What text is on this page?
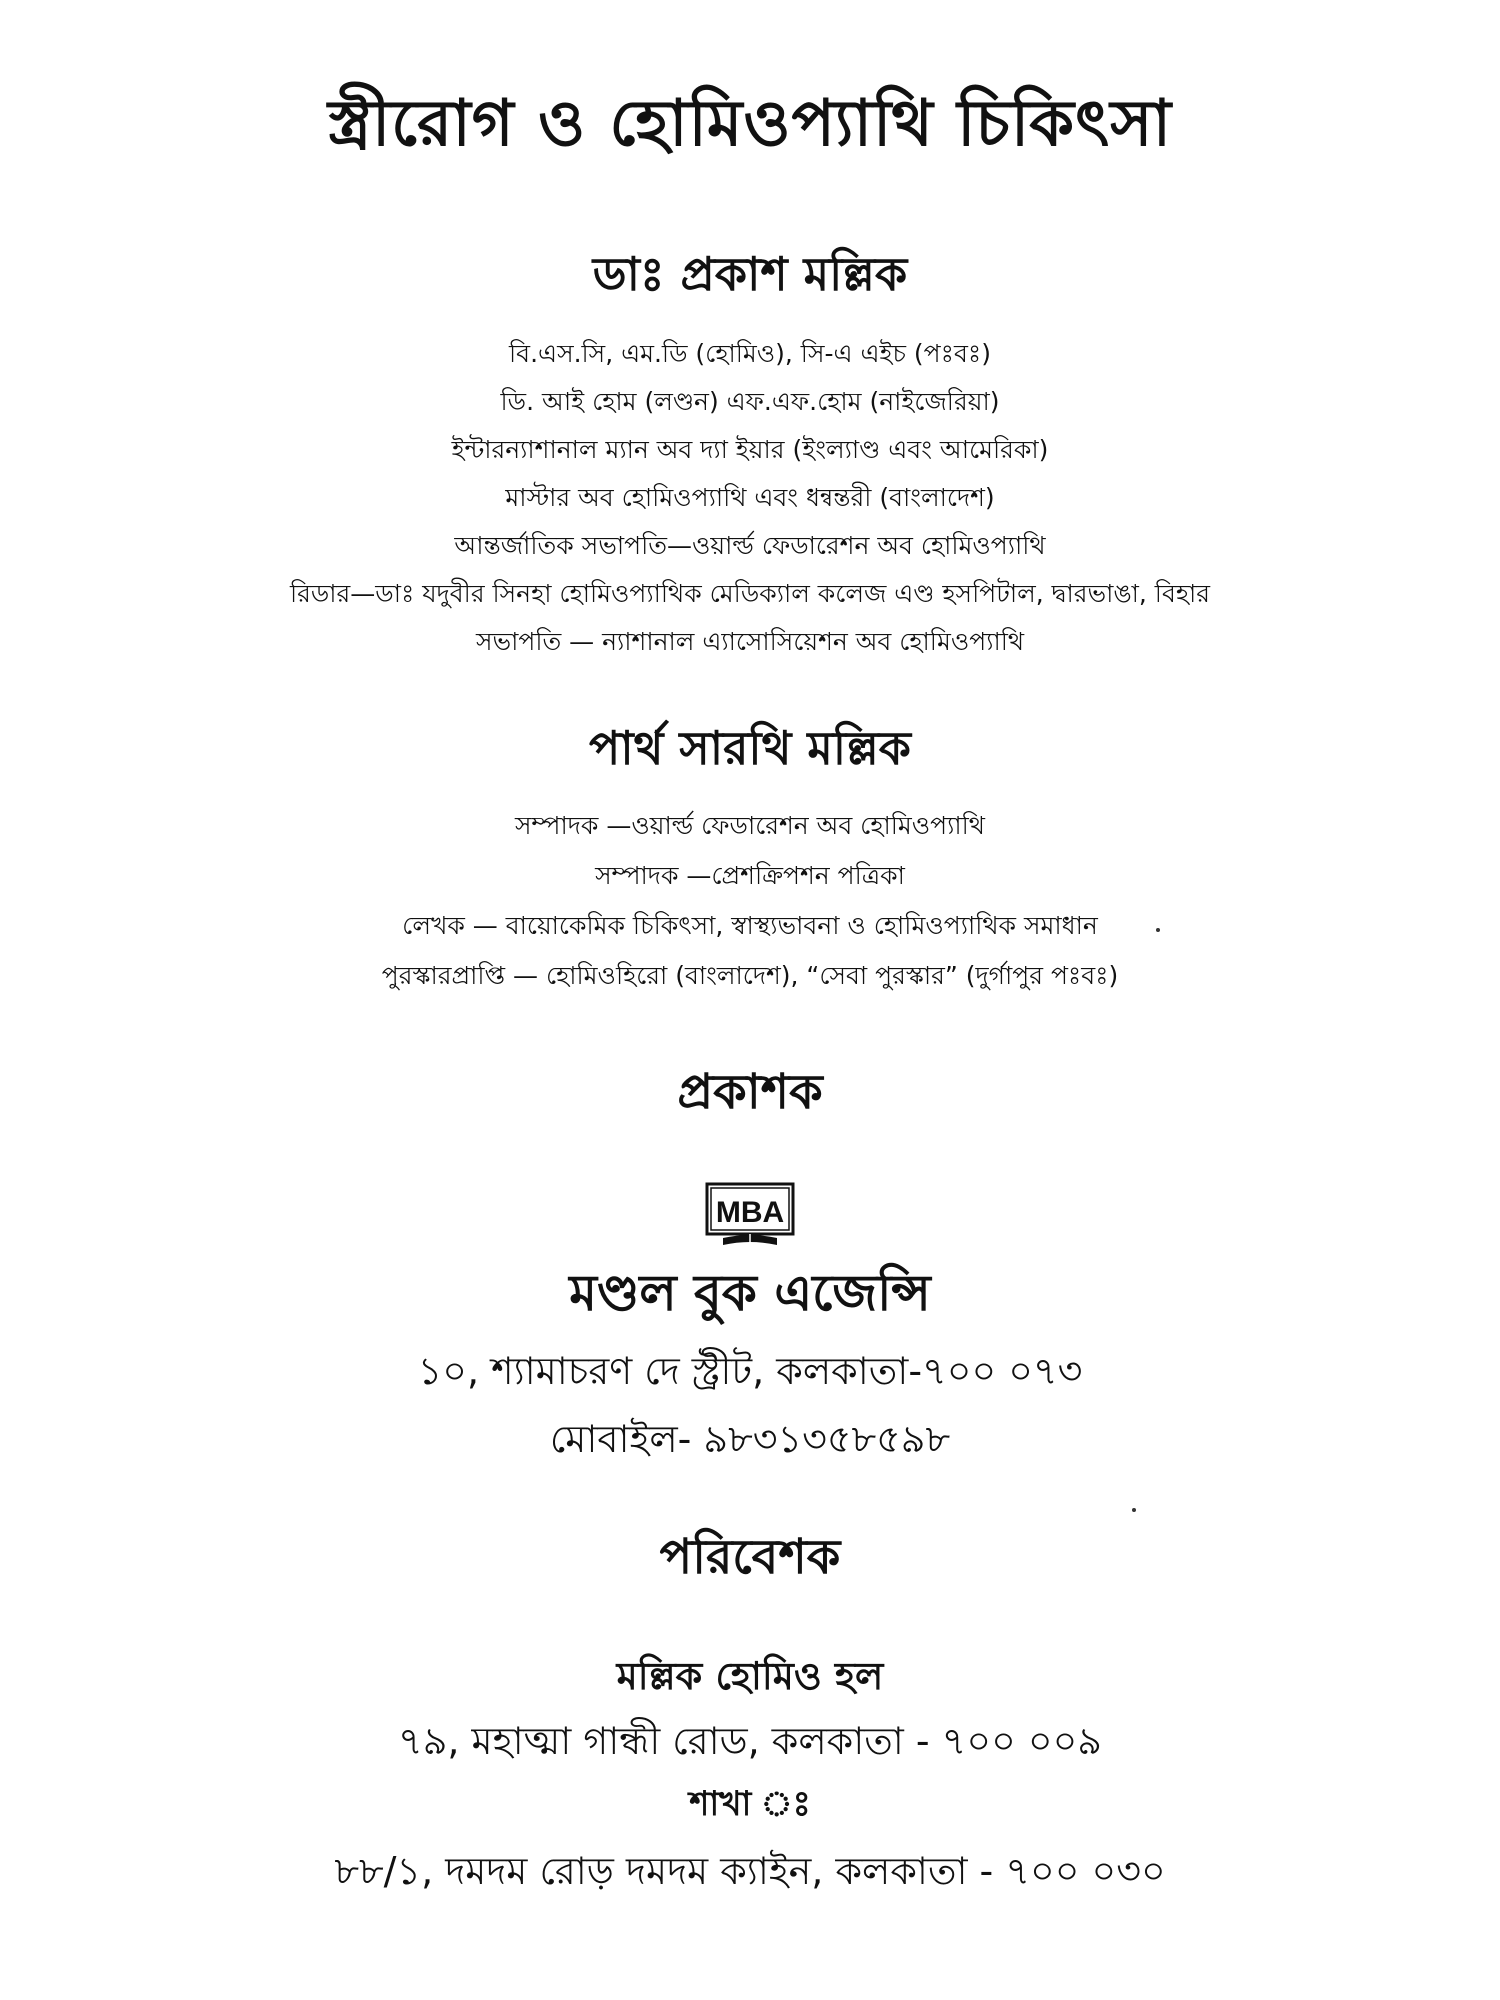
স্ত্রীরোগ ও হোমিওপ্যাথি চিকিৎসা
ডাঃ প্রকাশ মল্লিক
বি.এস.সি, এম.ডি (হোমিও), সি-এ এইচ (পঃবঃ)
ডি. আই হোম (লণ্ডন) এফ.এফ.হোম (নাইজেরিয়া)
ইন্টারন্যাশানাল ম্যান অব দ্যা ইয়ার (ইংল্যাণ্ড এবং আমেরিকা)
মাস্টার অব হোমিওপ্যাথি এবং ধন্বন্তরী (বাংলাদেশ)
আন্তর্জাতিক সভাপতি—ওয়ার্ল্ড ফেডারেশন অব হোমিওপ্যাথি
রিডার—ডাঃ যদুবীর সিনহা হোমিওপ্যাথিক মেডিক্যাল কলেজ এণ্ড হসপিটাল, দ্বারভাঙা, বিহার
সভাপতি — ন্যাশানাল এ্যাসোসিয়েশন অব হোমিওপ্যাথি
পার্থ সারথি মল্লিক
সম্পাদক —ওয়ার্ল্ড ফেডারেশন অব হোমিওপ্যাথি
সম্পাদক —প্রেশক্রিপশন পত্রিকা
লেখক — বায়োকেমিক চিকিৎসা, স্বাস্থ্যভাবনা ও হোমিওপ্যাথিক সমাধান
পুরস্কারপ্রাপ্তি — হোমিওহিরো (বাংলাদেশ), “সেবা পুরস্কার” (দুর্গাপুর পঃবঃ)
প্রকাশক
MBA
মণ্ডল বুক এজেন্সি
১০, শ্যামাচরণ দে স্ট্রীট, কলকাতা-৭০০ ০৭৩
মোবাইল- ৯৮৩১৩৫৮৫৯৮
পরিবেশক
মল্লিক হোমিও হল
৭৯, মহাত্মা গান্ধী রোড, কলকাতা - ৭০০ ০০৯
শাখা ঃ
৮৮/১, দমদম রোড় দমদম ক্যাইন, কলকাতা - ৭০০ ০৩০
